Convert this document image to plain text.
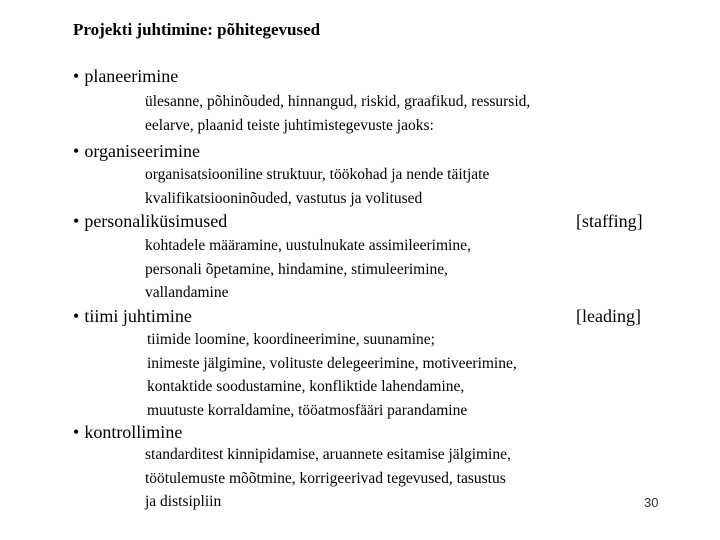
Projekti juhtimine: põhitegevused
• planeerimine
ülesanne, põhinõuded, hinnangud, riskid, graafikud, ressursid,
eelarve, plaanid teiste juhtimistegevuste jaoks:
• organiseerimine
organisatsiooniline struktuur, töökohad ja nende täitjate
kvalifikatsiooninõuded, vastutus ja volitused
• personaliküsimused	[staffing]
kohtadele määramine, uustulnukate assimileerimine,
personali õpetamine, hindamine, stimuleerimine,
vallandamine
• tiimi juhtimine	[leading]
tiimide loomine, koordineerimine, suunamine;
inimeste jälgimine, volituste delegeerimine, motiveerimine,
kontaktide soodustamine, konfliktide lahendamine,
muutuste korraldamine, tööatmosfääri parandamine
• kontrollimine
standarditest kinnipidamise, aruannete esitamise jälgimine,
töötulemuste mõõtmine, korrigeerivad tegevused, tasustus
ja distsipliin	30
